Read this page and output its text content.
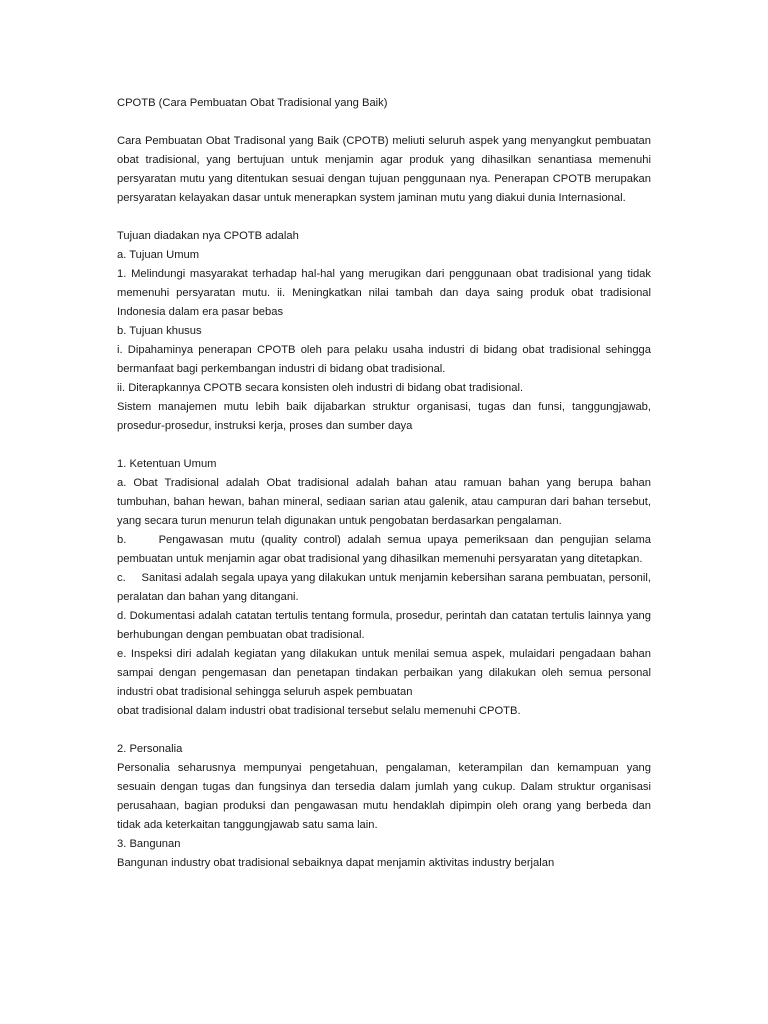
CPOTB (Cara Pembuatan Obat Tradisional yang Baik)

Cara Pembuatan Obat Tradisonal yang Baik (CPOTB) meliuti seluruh aspek yang menyangkut pembuatan obat tradisional, yang bertujuan untuk menjamin agar produk yang dihasilkan senantiasa memenuhi persyaratan mutu yang ditentukan sesuai dengan tujuan penggunaan nya. Penerapan CPOTB merupakan persyaratan kelayakan dasar untuk menerapkan system jaminan mutu yang diakui dunia Internasional.

Tujuan diadakan nya CPOTB adalah

a. Tujuan Umum

1. Melindungi masyarakat terhadap hal-hal yang merugikan dari penggunaan obat tradisional yang tidak memenuhi persyaratan mutu. ii. Meningkatkan nilai tambah dan daya saing produk obat tradisional Indonesia dalam era pasar bebas

b. Tujuan khusus

i. Dipahaminya penerapan CPOTB oleh para pelaku usaha industri di bidang obat tradisional sehingga bermanfaat bagi perkembangan industri di bidang obat tradisional.

ii. Diterapkannya CPOTB secara konsisten oleh industri di bidang obat tradisional.

Sistem manajemen mutu lebih baik dijabarkan struktur organisasi, tugas dan funsi, tanggungjawab, prosedur-prosedur, instruksi kerja, proses dan sumber daya

1. Ketentuan Umum

a. Obat Tradisional adalah Obat tradisional adalah bahan atau ramuan bahan yang berupa bahan tumbuhan, bahan hewan, bahan mineral, sediaan sarian atau galenik, atau campuran dari bahan tersebut, yang secara turun menurun telah digunakan untuk pengobatan berdasarkan pengalaman.

b.     Pengawasan mutu (quality control) adalah semua upaya pemeriksaan dan pengujian selama pembuatan untuk menjamin agar obat tradisional yang dihasilkan memenuhi persyaratan yang ditetapkan.

c.     Sanitasi adalah segala upaya yang dilakukan untuk menjamin kebersihan sarana pembuatan, personil, peralatan dan bahan yang ditangani.

d. Dokumentasi adalah catatan tertulis tentang formula, prosedur, perintah dan catatan tertulis lainnya yang berhubungan dengan pembuatan obat tradisional.

e. Inspeksi diri adalah kegiatan yang dilakukan untuk menilai semua aspek, mulaidari pengadaan bahan sampai dengan pengemasan dan penetapan tindakan perbaikan yang dilakukan oleh semua personal industri obat tradisional sehingga seluruh aspek pembuatan

obat tradisional dalam industri obat tradisional tersebut selalu memenuhi CPOTB.

2. Personalia

Personalia seharusnya mempunyai pengetahuan, pengalaman, keterampilan dan kemampuan yang sesuain dengan tugas dan fungsinya dan tersedia dalam jumlah yang cukup. Dalam struktur organisasi perusahaan, bagian produksi dan pengawasan mutu hendaklah dipimpin oleh orang yang berbeda dan tidak ada keterkaitan tanggungjawab satu sama lain.

3. Bangunan

Bangunan industry obat tradisional sebaiknya dapat menjamin aktivitas industry berjalan
